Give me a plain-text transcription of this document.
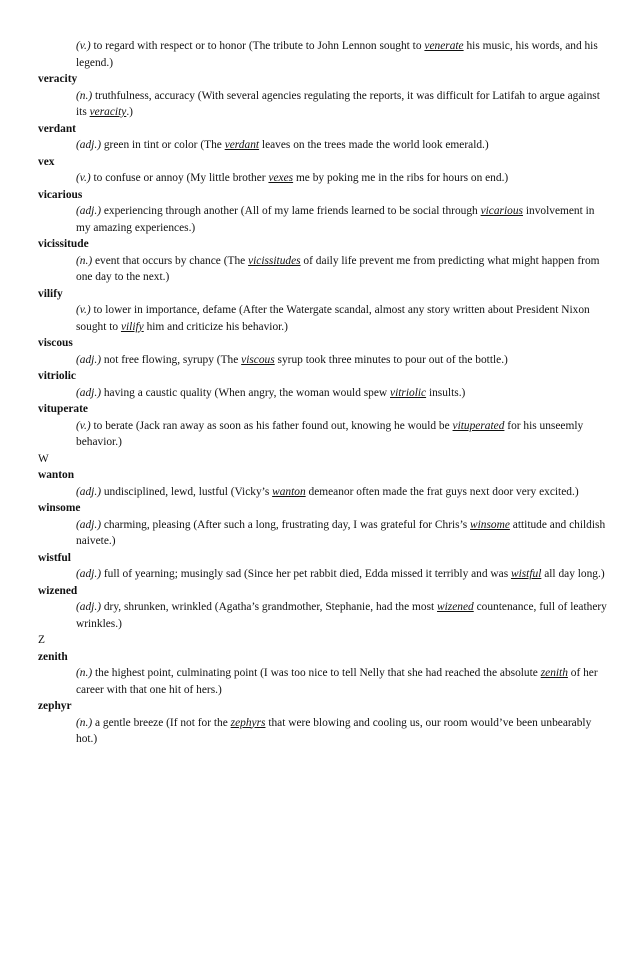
(v.) to regard with respect or to honor (The tribute to John Lennon sought to venerate his music, his words, and his legend.)
veracity
(n.) truthfulness, accuracy (With several agencies regulating the reports, it was difficult for Latifah to argue against its veracity.)
verdant
(adj.) green in tint or color (The verdant leaves on the trees made the world look emerald.)
vex
(v.) to confuse or annoy (My little brother vexes me by poking me in the ribs for hours on end.)
vicarious
(adj.) experiencing through another (All of my lame friends learned to be social through vicarious involvement in my amazing experiences.)
vicissitude
(n.) event that occurs by chance (The vicissitudes of daily life prevent me from predicting what might happen from one day to the next.)
vilify
(v.) to lower in importance, defame (After the Watergate scandal, almost any story written about President Nixon sought to vilify him and criticize his behavior.)
viscous
(adj.) not free flowing, syrupy (The viscous syrup took three minutes to pour out of the bottle.)
vitriolic
(adj.) having a caustic quality (When angry, the woman would spew vitriolic insults.)
vituperate
(v.) to berate (Jack ran away as soon as his father found out, knowing he would be vituperated for his unseemly behavior.)
W
wanton
(adj.) undisciplined, lewd, lustful (Vicky’s wanton demeanor often made the frat guys next door very excited.)
winsome
(adj.) charming, pleasing (After such a long, frustrating day, I was grateful for Chris’s winsome attitude and childish naivete.)
wistful
(adj.) full of yearning; musingly sad (Since her pet rabbit died, Edda missed it terribly and was wistful all day long.)
wizened
(adj.) dry, shrunken, wrinkled (Agatha’s grandmother, Stephanie, had the most wizened countenance, full of leathery wrinkles.)
Z
zenith
(n.) the highest point, culminating point (I was too nice to tell Nelly that she had reached the absolute zenith of her career with that one hit of hers.)
zephyr
(n.) a gentle breeze (If not for the zephyrs that were blowing and cooling us, our room would’ve been unbearably hot.)
